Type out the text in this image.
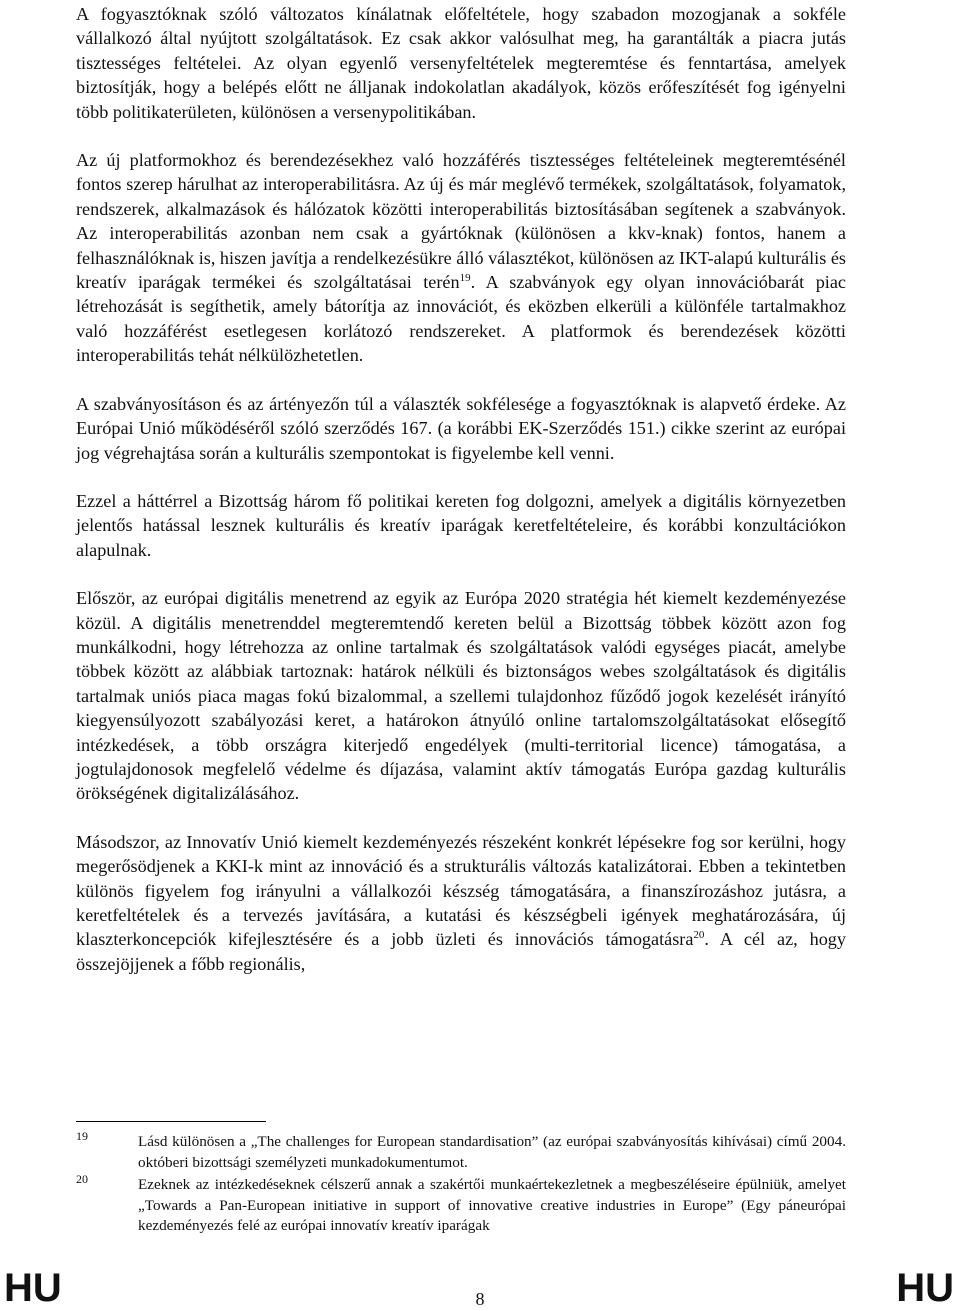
A fogyasztóknak szóló változatos kínálatnak előfeltétele, hogy szabadon mozogjanak a sokféle vállalkozó által nyújtott szolgáltatások. Ez csak akkor valósulhat meg, ha garantálták a piacra jutás tisztességes feltételei. Az olyan egyenlő versenyfeltételek megteremtése és fenntartása, amelyek biztosítják, hogy a belépés előtt ne álljanak indokolatlan akadályok, közös erőfeszítését fog igényelni több politikaterületen, különösen a versenypolitikában.

Az új platformokhoz és berendezésekhez való hozzáférés tisztességes feltételeinek megteremtésénél fontos szerep hárulhat az interoperabilitásra. Az új és már meglévő termékek, szolgáltatások, folyamatok, rendszerek, alkalmazások és hálózatok közötti interoperabilitás biztosításában segítenek a szabványok. Az interoperabilitás azonban nem csak a gyártóknak (különösen a kkv-knak) fontos, hanem a felhasználóknak is, hiszen javítja a rendelkezésükre álló választékot, különösen az IKT-alapú kulturális és kreatív iparágak termékei és szolgáltatásai terén$^{19}$. A szabványok egy olyan innovációbarát piac létrehozását is segíthetik, amely bátorítja az innovációt, és eközben elkerüli a különféle tartalmakhoz való hozzáférést esetlegesen korlátozó rendszereket. A platformok és berendezések közötti interoperabilitás tehát nélkülözhetetlen.

A szabványosításon és az ártényezőn túl a választék sokfélesége a fogyasztóknak is alapvető érdeke. Az Európai Unió működéséről szóló szerződés 167. (a korábbi EK-Szerződés 151.) cikke szerint az európai jog végrehajtása során a kulturális szempontokat is figyelembe kell venni.

Ezzel a háttérrel a Bizottság három fő politikai kereten fog dolgozni, amelyek a digitális környezetben jelentős hatással lesznek kulturális és kreatív iparágak keretfeltételeire, és korábbi konzultációkon alapulnak.

Először, az európai digitális menetrend az egyik az Európa 2020 stratégia hét kiemelt kezdeményezése közül. A digitális menetrenddel megteremtendő kereten belül a Bizottság többek között azon fog munkálkodni, hogy létrehozza az online tartalmak és szolgáltatások valódi egységes piacát, amelybe többek között az alábbiak tartoznak: határok nélküli és biztonságos webes szolgáltatások és digitális tartalmak uniós piaca magas fokú bizalommal, a szellemi tulajdonhoz fűződő jogok kezelését irányító kiegyensúlyozott szabályozási keret, a határokon átnyúló online tartalomszolgáltatásokat elősegítő intézkedések, a több országra kiterjedő engedélyek (multi-territorial licence) támogatása, a jogtulajdonosok megfelelő védelme és díjazása, valamint aktív támogatás Európa gazdag kulturális örökségének digitalizálásához.

Másodszor, az Innovatív Unió kiemelt kezdeményezés részeként konkrét lépésekre fog sor kerülni, hogy megerősödjenek a KKI-k mint az innováció és a strukturális változás katalizátorai. Ebben a tekintetben különös figyelem fog irányulni a vállalkozói készség támogatására, a finanszírozáshoz jutásra, a keretfeltételek és a tervezés javítására, a kutatási és készségbeli igények meghatározására, új klaszterkoncepciók kifejlesztésére és a jobb üzleti és innovációs támogatásra$^{20}$. A cél az, hogy összejöjjenek a főbb regionális,

19	Lásd különösen a „The challenges for European standardisation” (az európai szabványosítás kihívásai) című 2004. októberi bizottsági személyzeti munkadokumentumot.

20	Ezeknek az intézkedéseknek célszerű annak a szakértői munkaértekezletnek a megbeszéléseire épülniük, amelyet „Towards a Pan-European initiative in support of innovative creative industries in Europe” (Egy páneurópai kezdeményezés felé az európai innovatív kreatív iparágak

HU	8	HU
